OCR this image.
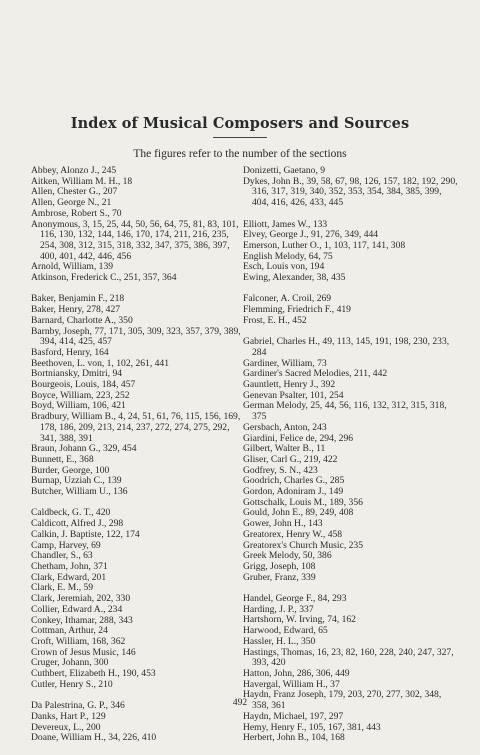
Index of Musical Composers and Sources
The figures refer to the number of the sections
Abbey, Alonzo J., 245
Aitken, William M. H., 18
Allen, Chester G., 207
Allen, George N., 21
Ambrose, Robert S., 70
Anonymous, 3, 15, 25, 44, 50, 56, 64, 75, 81, 83, 101, 116, 130, 132, 144, 146, 170, 174, 211, 216, 235, 254, 308, 312, 315, 318, 332, 347, 375, 386, 397, 400, 401, 442, 446, 456
Arnold, William, 139
Atkinson, Frederick C., 251, 357, 364
Baker, Benjamin F., 218
Baker, Henry, 278, 427
Barnard, Charlotte A., 350
Barnby, Joseph, 77, 171, 305, 309, 323, 357, 379, 389, 394, 414, 425, 457
Basford, Henry, 164
Beethoven, L. von, 1, 102, 261, 441
Bortniansky, Dmitri, 94
Bourgeois, Louis, 184, 457
Boyce, William, 223, 252
Boyd, William, 106, 421
Bradbury, William B., 4, 24, 51, 61, 76, 115, 156, 169, 178, 186, 209, 213, 214, 237, 272, 274, 275, 292, 341, 388, 391
Braun, Johann G., 329, 454
Bunnett, E., 368
Burder, George, 100
Burnap, Uzziah C., 139
Butcher, William U., 136
Caldbeck, G. T., 420
Caldicott, Alfred J., 298
Calkin, J. Baptiste, 122, 174
Camp, Harvey, 69
Chandler, S., 63
Chetham, John, 371
Clark, Edward, 201
Clark, E. M., 59
Clark, Jeremiah, 202, 330
Collier, Edward A., 234
Conkey, Ithamar, 288, 343
Cottman, Arthur, 24
Croft, William, 168, 362
Crown of Jesus Music, 146
Cruger, Johann, 300
Cuthbert, Elizabeth H., 190, 453
Cutler, Henry S., 210
Da Palestrina, G. P., 346
Danks, Hart P., 129
Devereux, L., 200
Doane, William H., 34, 226, 410
Donizetti, Gaetano, 9
Dykes, John B., 39, 58, 67, 98, 126, 157, 182, 192, 290, 316, 317, 319, 340, 352, 353, 354, 384, 385, 399, 404, 416, 426, 433, 445
Elliott, James W., 133
Elvey, George J., 91, 276, 349, 444
Emerson, Luther O., 1, 103, 117, 141, 308
English Melody, 64, 75
Esch, Louis von, 194
Ewing, Alexander, 38, 435
Falconer, A. Croil, 269
Flemming, Friedrich F., 419
Frost, E. H., 452
Gabriel, Charles H., 49, 113, 145, 191, 198, 230, 233, 284
Gardiner, William, 73
Gardiner's Sacred Melodies, 211, 442
Gauntlett, Henry J., 392
Genevan Psalter, 101, 254
German Melody, 25, 44, 56, 116, 132, 312, 315, 318, 375
Gersbach, Anton, 243
Giardini, Felice de, 294, 296
Gilbert, Walter B., 11
Gliser, Carl G., 219, 422
Godfrey, S. N., 423
Goodrich, Charles G., 285
Gordon, Adoniram J., 149
Gottschalk, Louis M., 189, 356
Gould, John E., 89, 249, 408
Gower, John H., 143
Greatorex, Henry W., 458
Greatorex's Church Music, 235
Greek Melody, 50, 386
Grigg, Joseph, 108
Gruber, Franz, 339
Handel, George F., 84, 293
Harding, J. P., 337
Hartshorn, W. Irving, 74, 162
Harwood, Edward, 65
Hassler, H. L., 350
Hastings, Thomas, 16, 23, 82, 160, 228, 240, 247, 327, 393, 420
Hatton, John, 286, 306, 449
Havergal, William H., 37
Haydn, Franz Joseph, 179, 203, 270, 277, 302, 348, 358, 361
Haydn, Michael, 197, 297
Hemy, Henry F., 105, 167, 381, 443
Herbert, John B., 104, 168
492
